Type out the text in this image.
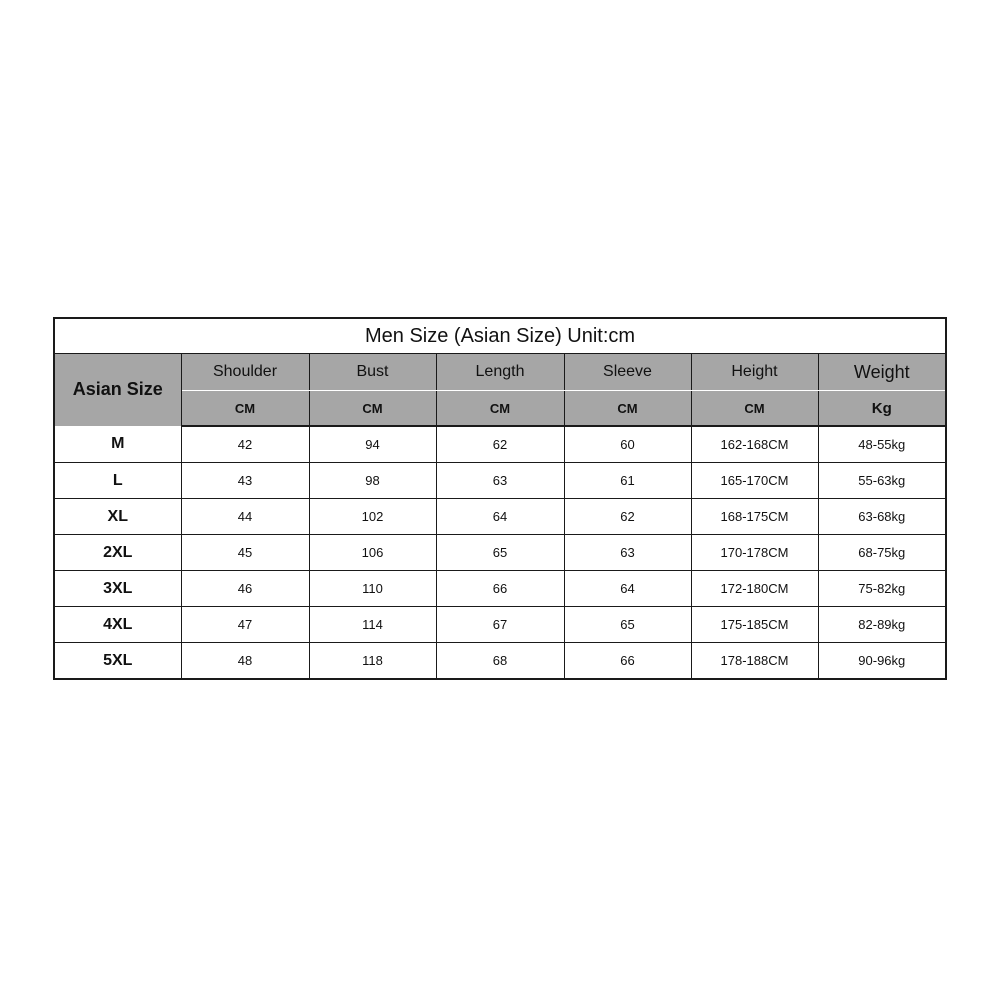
Men Size (Asian Size) Unit:cm						
Asian Size	Shoulder	Bust	Length	Sleeve	Height	Weight
	CM	CM	CM	CM	CM	Kg
M	42	94	62	60	162-168CM	48-55kg
L	43	98	63	61	165-170CM	55-63kg
XL	44	102	64	62	168-175CM	63-68kg
2XL	45	106	65	63	170-178CM	68-75kg
3XL	46	110	66	64	172-180CM	75-82kg
4XL	47	114	67	65	175-185CM	82-89kg
5XL	48	118	68	66	178-188CM	90-96kg
